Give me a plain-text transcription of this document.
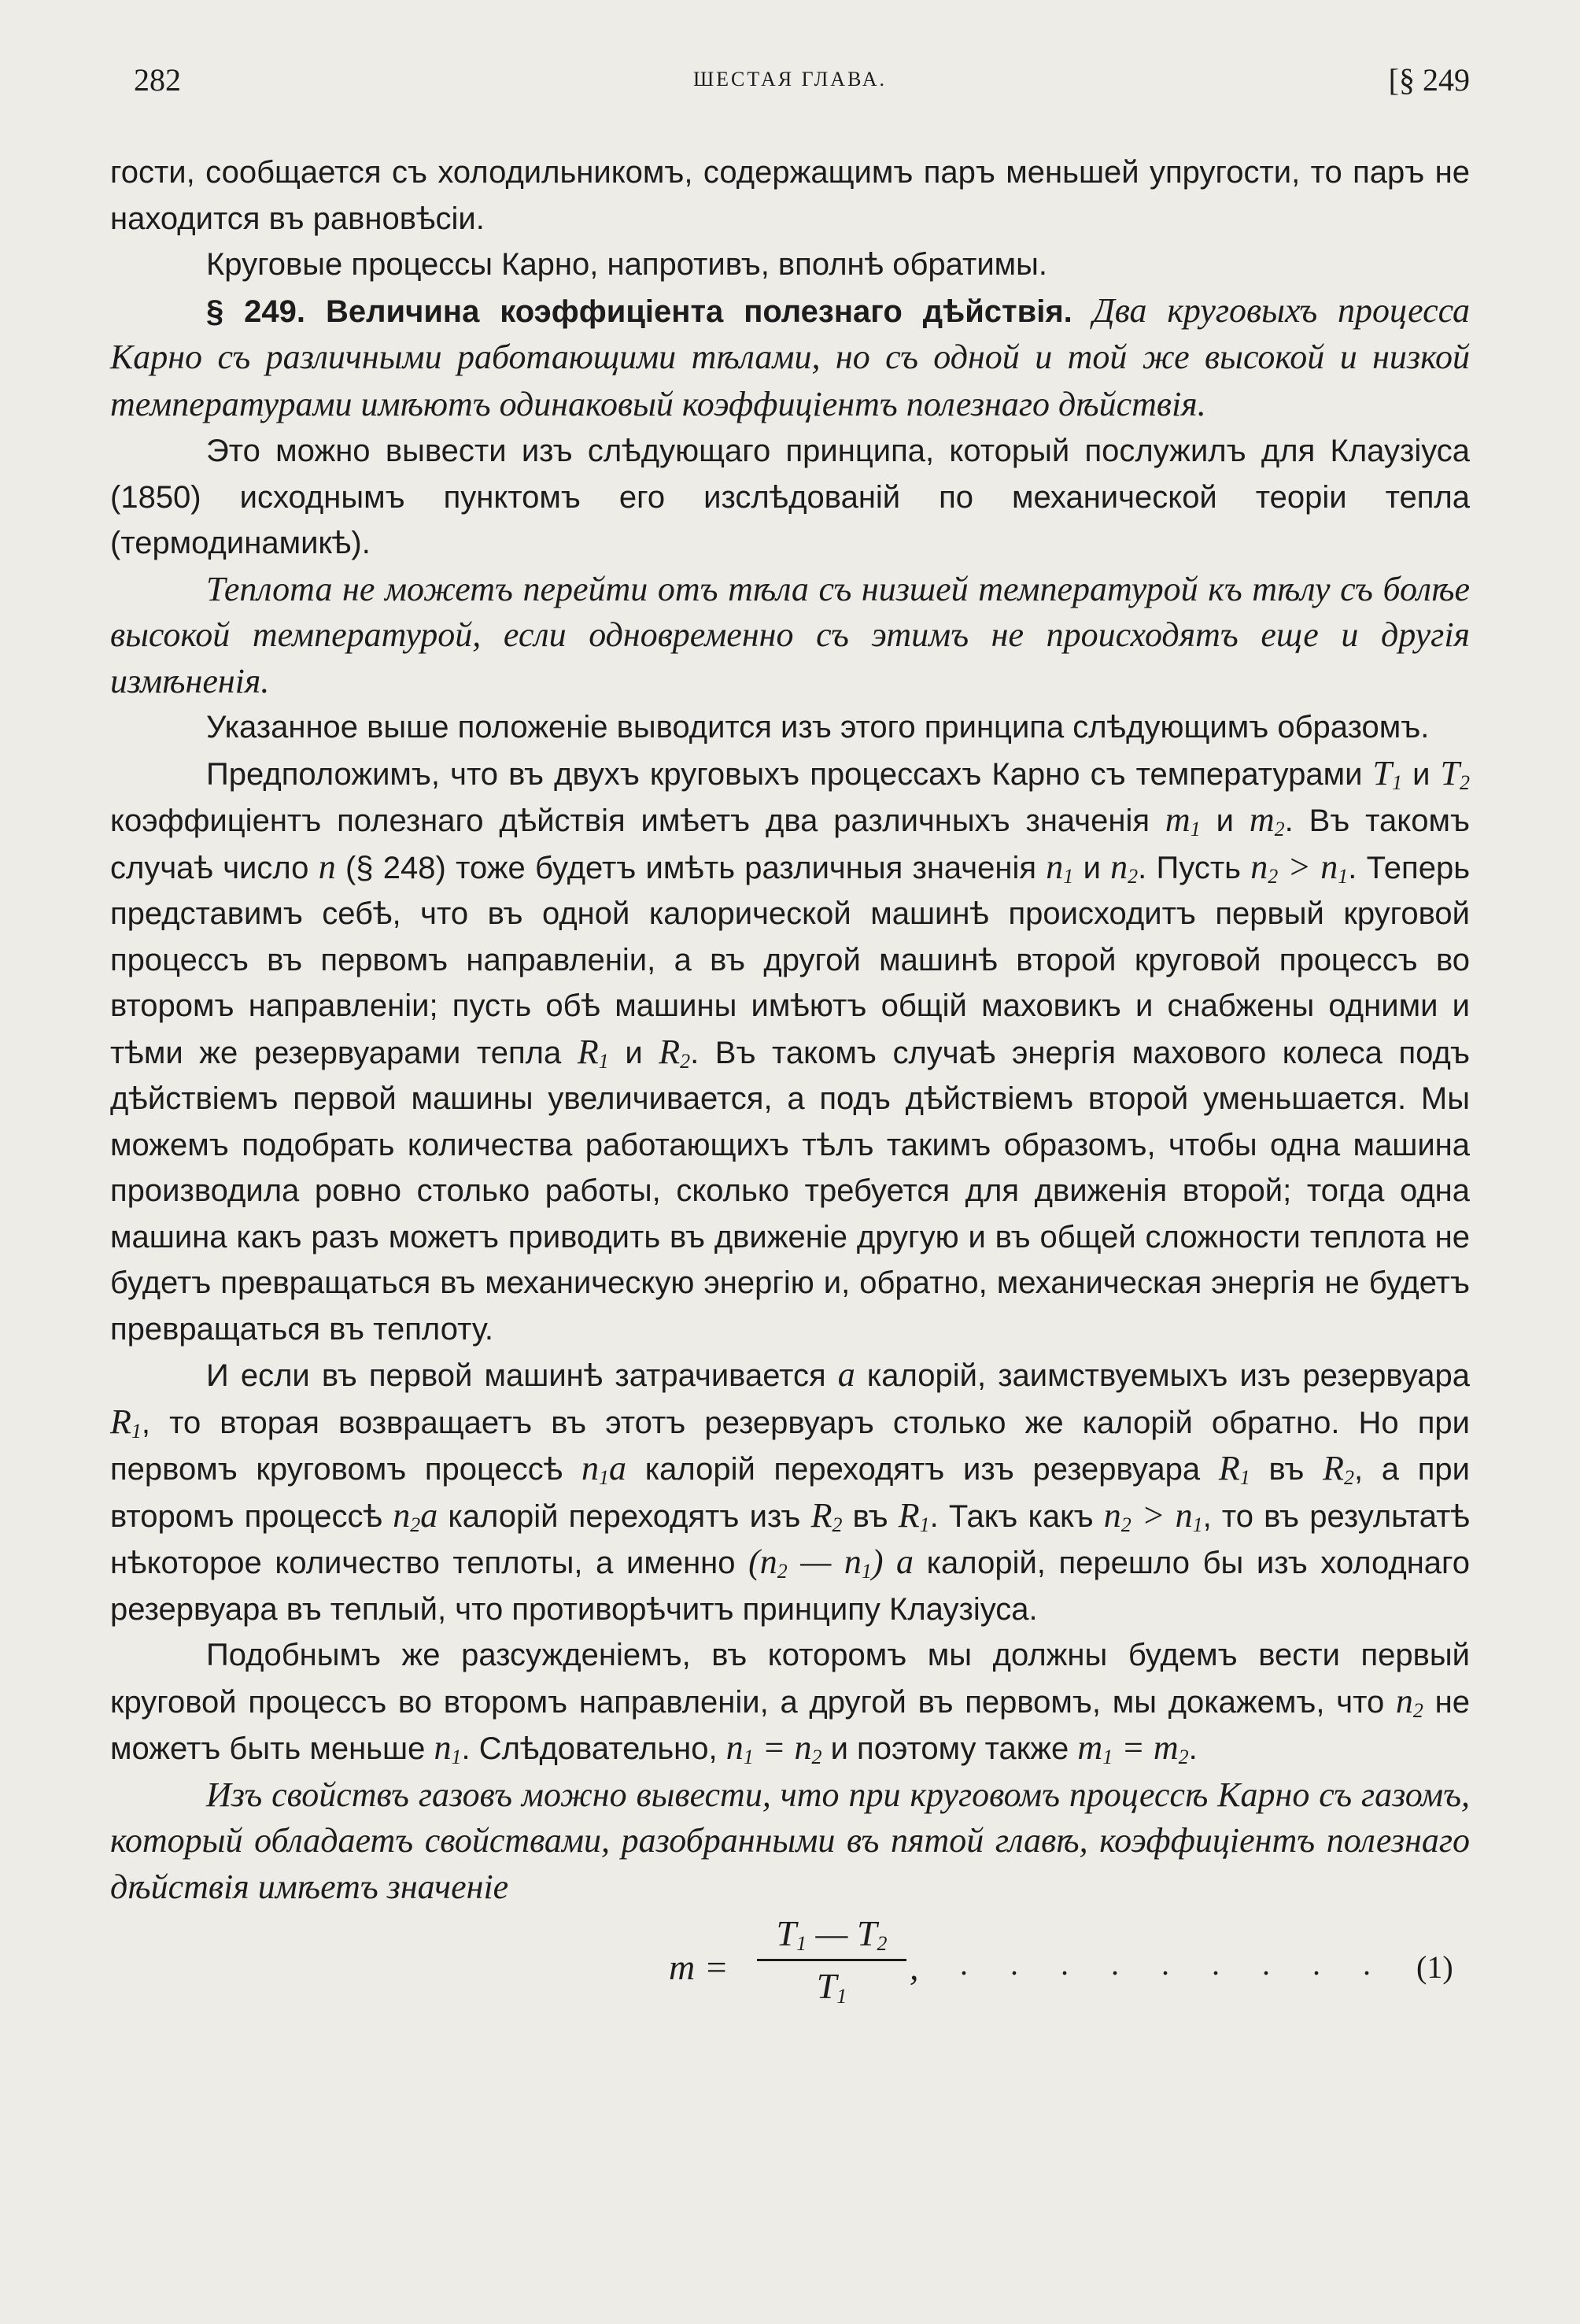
282	ШЕСТАЯ ГЛАВА.	[§ 249

гости, сообщается съ холодильникомъ, содержащимъ паръ меньшей упругости, то паръ не находится въ равновѣсіи.

Круговые процессы Карно, напротивъ, вполнѣ обратимы.

§ 249. Величина коэффиціента полезнаго дѣйствія. Два круговыхъ процесса Карно съ различными работающими тѣлами, но съ одной и той же высокой и низкой температурами имѣютъ одинаковый коэффиціентъ полезнаго дѣйствія.

Это можно вывести изъ слѣдующаго принципа, который послужилъ для Клаузіуса (1850) исходнымъ пунктомъ его изслѣдованій по механической теоріи тепла (термодинамикѣ).

Теплота не можетъ перейти отъ тѣла съ низшей температурой къ тѣлу съ болѣе высокой температурой, если одновременно съ этимъ не происходятъ еще и другія измѣненія.

Указанное выше положеніе выводится изъ этого принципа слѣдующимъ образомъ.

Предположимъ, что въ двухъ круговыхъ процессахъ Карно съ температурами $T_1$ и $T_2$ коэффиціентъ полезнаго дѣйствія имѣетъ два различныхъ значенія $m_1$ и $m_2$. Въ такомъ случаѣ число n (§ 248) тоже будетъ имѣть различныя значенія $n_1$ и $n_2$. Пусть $n_2 > n_1$. Теперь представимъ себѣ, что въ одной калорической машинѣ происходитъ первый круговой процессъ въ первомъ направленіи, а въ другой машинѣ второй круговой процессъ во второмъ направленіи; пусть обѣ машины имѣютъ общій маховикъ и снабжены одними и тѣми же резервуарами тепла $R_1$ и $R_2$. Въ такомъ случаѣ энергія махового колеса подъ дѣйствіемъ первой машины увеличивается, а подъ дѣйствіемъ второй уменьшается. Мы можемъ подобрать количества работающихъ тѣлъ такимъ образомъ, чтобы одна машина производила ровно столько работы, сколько требуется для движенія второй; тогда одна машина какъ разъ можетъ приводить въ движеніе другую и въ общей сложности теплота не будетъ превращаться въ механическую энергію и, обратно, механическая энергія не будетъ превращаться въ теплоту.

И если въ первой машинѣ затрачивается a калорій, заимствуемыхъ изъ резервуара $R_1$, то вторая возвращаетъ въ этотъ резервуаръ столько же калорій обратно. Но при первомъ круговомъ процессѣ $n_1a$ калорій переходятъ изъ резервуара $R_1$ въ $R_2$, а при второмъ процессѣ $n_2a$ калорій переходятъ изъ $R_2$ въ $R_1$. Такъ какъ $n_2 > n_1$, то въ результатѣ нѣкоторое количество теплоты, а именно ($n_2$ — $n_1$) a калорій, перешло бы изъ холоднаго резервуара въ теплый, что противорѣчитъ принципу Клаузіуса.

Подобнымъ же разсужденіемъ, въ которомъ мы должны будемъ вести первый круговой процессъ во второмъ направленіи, а другой въ первомъ, мы докажемъ, что $n_2$ не можетъ быть меньше $n_1$. Слѣдовательно, $n_1 = n_2$ и поэтому также $m_1 = m_2$.

Изъ свойствъ газовъ можно вывести, что при круговомъ процессѣ Карно съ газомъ, который обладаетъ свойствами, разобранными въ пятой главѣ, коэффиціентъ полезнаго дѣйствія имѣетъ значеніе

m =
$T_1$ — $T_2$
$T_1$
, . . . . . . . . . (1)
